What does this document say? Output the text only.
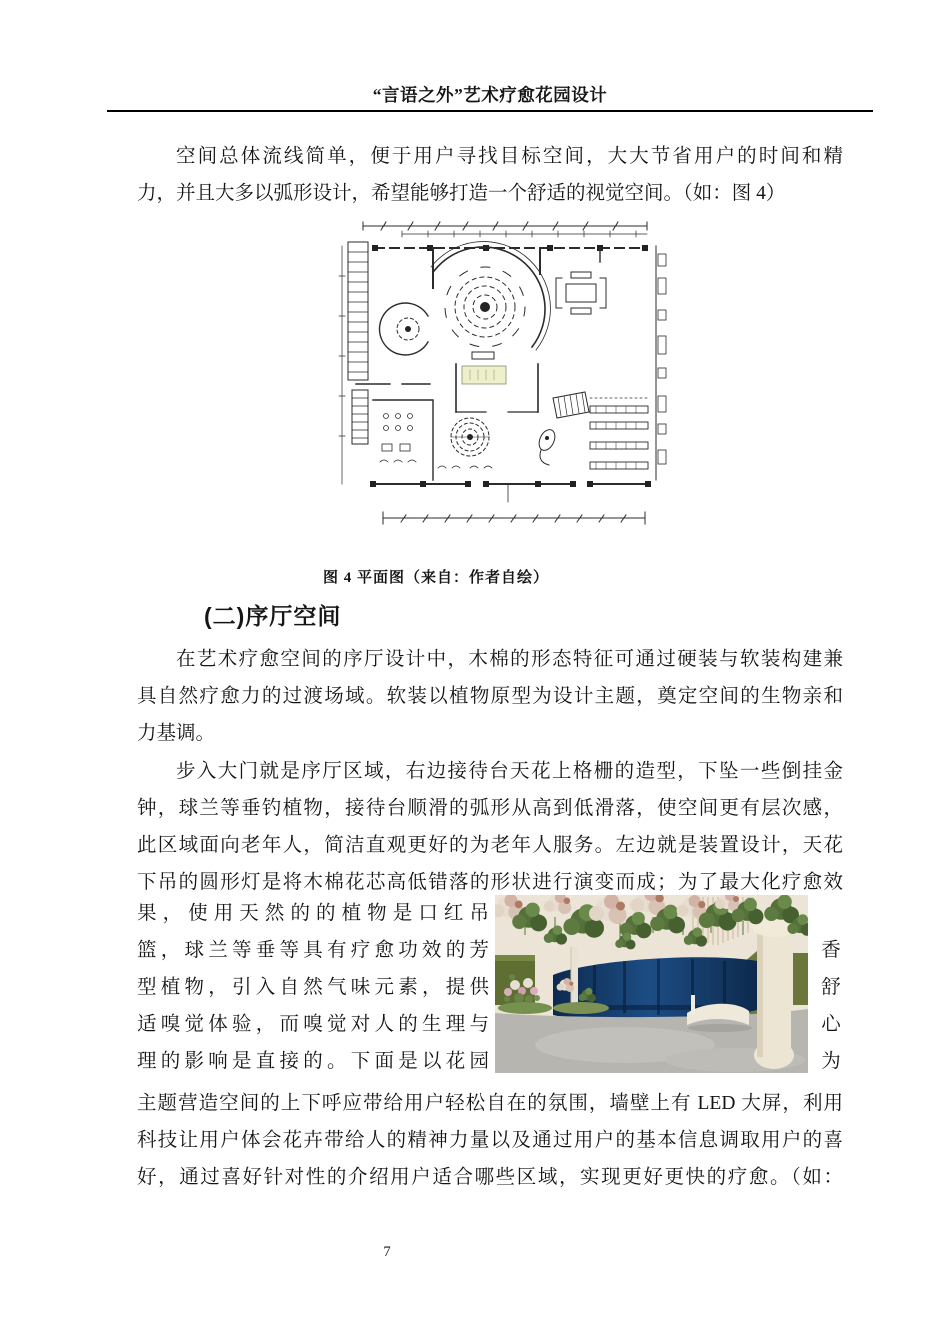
“言语之外”艺术疗愈花园设计
空间总体流线简单，便于用户寻找目标空间，大大节省用户的时间和精
力，并且大多以弧形设计，希望能够打造一个舒适的视觉空间。（如：图 4）
图 4 平面图（来自：作者自绘）
(二)序厅空间
在艺术疗愈空间的序厅设计中，木棉的形态特征可通过硬装与软装构建兼
具自然疗愈力的过渡场域。软装以植物原型为设计主题，奠定空间的生物亲和
力基调。
步入大门就是序厅区域，右边接待台天花上格栅的造型，下坠一些倒挂金
钟，球兰等垂钓植物，接待台顺滑的弧形从高到低滑落，使空间更有层次感，
此区域面向老年人，简洁直观更好的为老年人服务。左边就是装置设计，天花
下吊的圆形灯是将木棉花芯高低错落的形状进行演变而成；为了最大化疗愈效
果，使用天然的的植物是口红吊
篮，球兰等垂等具有疗愈功效的芳
型植物，引入自然气味元素，提供
适嗅觉体验，而嗅觉对人的生理与
理的影响是直接的。下面是以花园
香
舒
心
为
主题营造空间的上下呼应带给用户轻松自在的氛围，墙壁上有 LED 大屏，利用
科技让用户体会花卉带给人的精神力量以及通过用户的基本信息调取用户的喜
好，通过喜好针对性的介绍用户适合哪些区域，实现更好更快的疗愈。（如：
7
